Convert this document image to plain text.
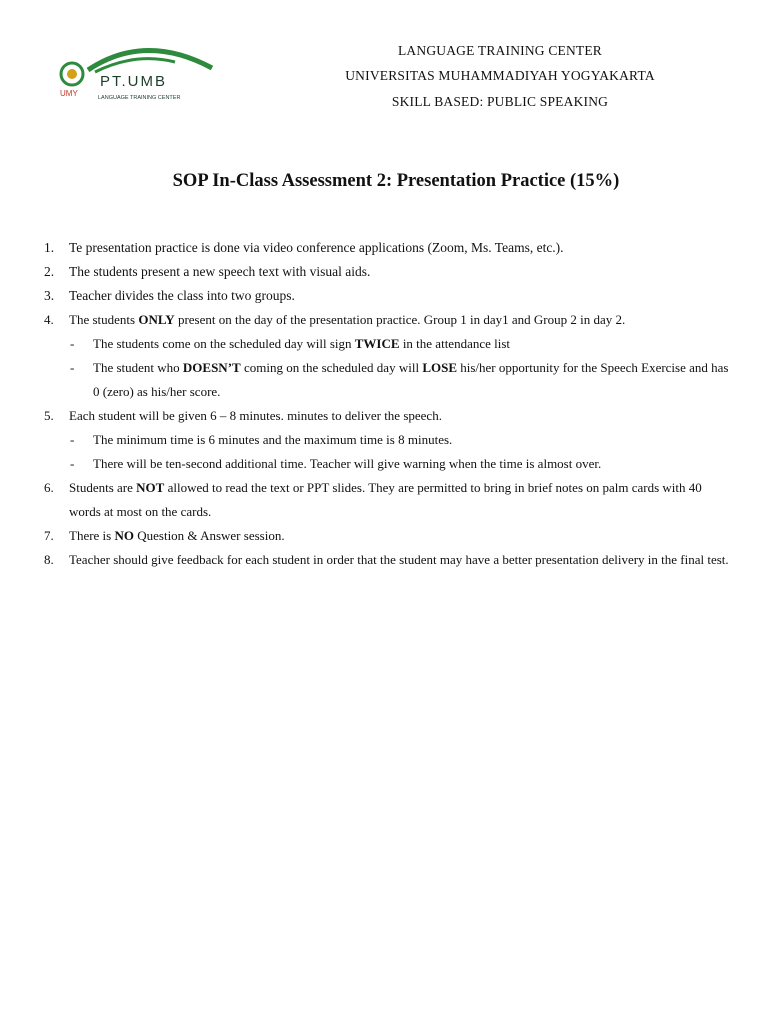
UMY
PT.UMB
LANGUAGE TRAINING CENTER
LANGUAGE TRAINING CENTER
UNIVERSITAS MUHAMMADIYAH YOGYAKARTA
SKILL BASED: PUBLIC SPEAKING
SOP In-Class Assessment 2: Presentation Practice (15%)
1. Te presentation practice is done via video conference applications (Zoom, Ms. Teams, etc.).
2. The students present a new speech text with visual aids.
3. Teacher divides the class into two groups.
4. The students ONLY present on the day of the presentation practice. Group 1 in day1 and Group 2 in day 2.
- The students come on the scheduled day will sign TWICE in the attendance list
- The student who DOESN’T coming on the scheduled day will LOSE his/her opportunity for the Speech Exercise and has 0 (zero) as his/her score.
5. Each student will be given 6 – 8 minutes. minutes to deliver the speech.
- The minimum time is 6 minutes and the maximum time is 8 minutes.
- There will be ten-second additional time. Teacher will give warning when the time is almost over.
6. Students are NOT allowed to read the text or PPT slides. They are permitted to bring in brief notes on palm cards with 40 words at most on the cards.
7. There is NO Question & Answer session.
8. Teacher should give feedback for each student in order that the student may have a better presentation delivery in the final test.
